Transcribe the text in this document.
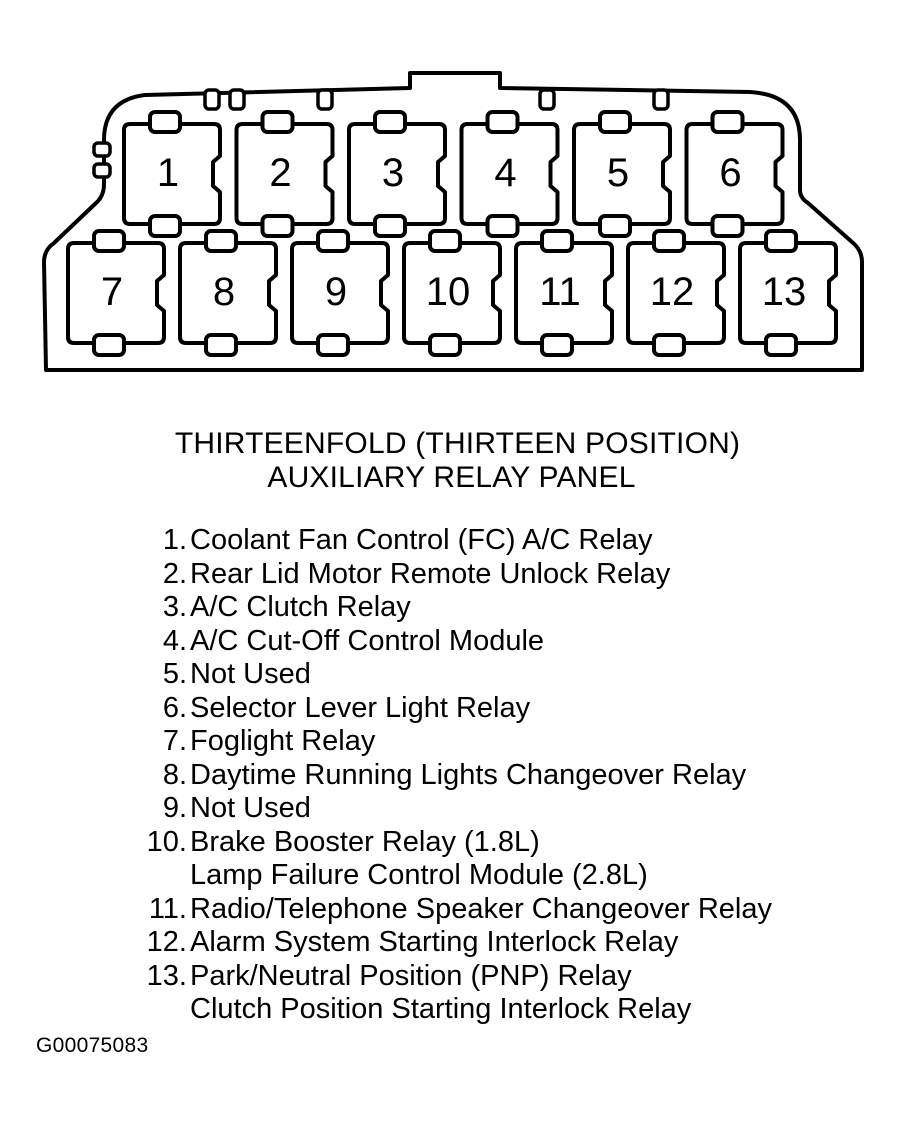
1 2 3 4 5 6
7 8 9 10 11 12 13
THIRTEENFOLD (THIRTEEN POSITION)
AUXILIARY RELAY PANEL
1. Coolant Fan Control (FC) A/C Relay
2. Rear Lid Motor Remote Unlock Relay
3. A/C Clutch Relay
4. A/C Cut-Off Control Module
5. Not Used
6. Selector Lever Light Relay
7. Foglight Relay
8. Daytime Running Lights Changeover Relay
9. Not Used
10. Brake Booster Relay (1.8L)
Lamp Failure Control Module (2.8L)
11. Radio/Telephone Speaker Changeover Relay
12. Alarm System Starting Interlock Relay
13. Park/Neutral Position (PNP) Relay
Clutch Position Starting Interlock Relay
G00075083
